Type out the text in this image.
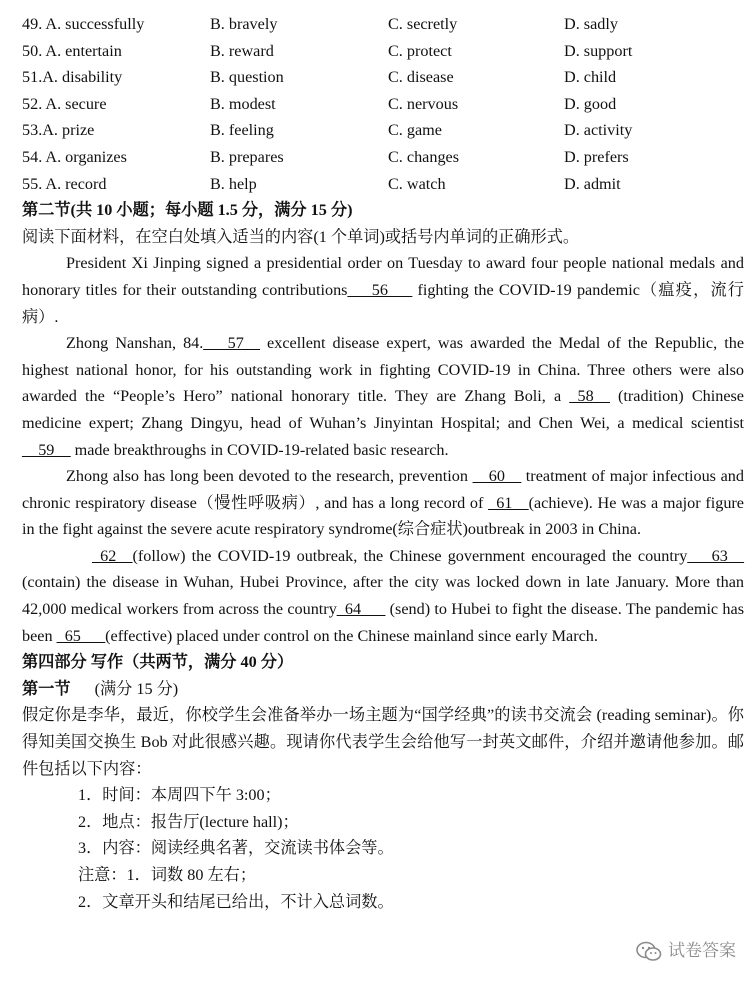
49. A. successfully	B. bravely	C. secretly	D. sadly
50. A. entertain	B. reward	C. protect	D. support
51.A. disability	B. question	C. disease	D. child
52. A. secure	B. modest	C. nervous	D. good
53.A. prize	B. feeling	C. game	D. activity
54. A. organizes	B. prepares	C. changes	D. prefers
55. A. record	B. help	C. watch	D. admit
第二节(共 10 小题；每小题 1.5 分，满分 15 分)
阅读下面材料，在空白处填入适当的内容(1 个单词)或括号内单词的正确形式。
President Xi Jinping signed a presidential order on Tuesday to award four people national medals and honorary titles for their outstanding contributions___56___ fighting the COVID-19 pandemic（瘟疫，流行病）.
Zhong Nanshan, 84.___57__ excellent disease expert, was awarded the Medal of the Republic, the highest national honor, for his outstanding work in fighting COVID-19 in China. Three others were also awarded the “People’s Hero” national honorary title. They are Zhang Boli, a _58__ (tradition) Chinese medicine expert; Zhang Dingyu, head of Wuhan’s Jinyintan Hospital; and Chen Wei, a medical scientist __59__ made breakthroughs in COVID-19-related basic research.
Zhong also has long been devoted to the research, prevention __60__ treatment of major infectious and chronic respiratory disease（慢性呼吸病）, and has a long record of _61__(achieve). He was a major figure in the fight against the severe acute respiratory syndrome(综合症状)outbreak in 2003 in China.
_62__(follow) the COVID-19 outbreak, the Chinese government encouraged the country___63__ (contain) the disease in Wuhan, Hubei Province, after the city was locked down in late January. More than 42,000 medical workers from across the country_64___ (send) to Hubei to fight the disease. The pandemic has been _65___(effective) placed under control on the Chinese mainland since early March.
第四部分 写作（共两节，满分 40 分）
第一节 (满分 15 分)
假定你是李华，最近，你校学生会准备举办一场主题为“国学经典”的读书交流会 (reading seminar)。你得知美国交换生 Bob 对此很感兴趣。现请你代表学生会给他写一封英文邮件，介绍并邀请他参加。邮件包括以下内容：
1．时间：本周四下午 3:00；
2．地点：报告厅(lecture hall)；
3．内容：阅读经典名著，交流读书体会等。
注意：1．词数 80 左右；
2．文章开头和结尾已给出，不计入总词数。
试卷答案
